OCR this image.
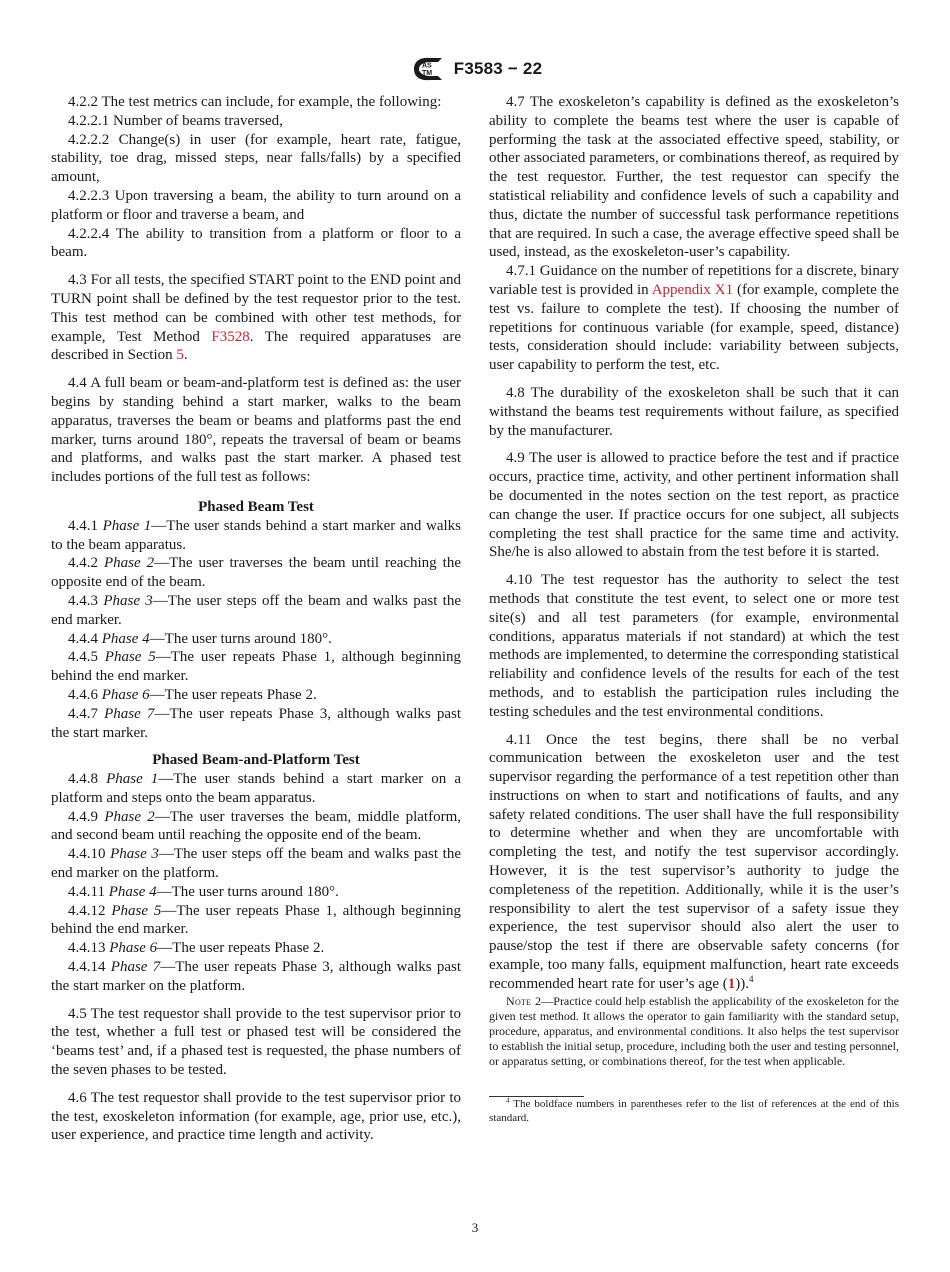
AS
TM F3583 − 22

4.2.2 The test metrics can include, for example, the following:

4.2.2.1 Number of beams traversed,

4.2.2.2 Change(s) in user (for example, heart rate, fatigue, stability, toe drag, missed steps, near falls/falls) by a specified amount,

4.2.2.3 Upon traversing a beam, the ability to turn around on a platform or floor and traverse a beam, and

4.2.2.4 The ability to transition from a platform or floor to a beam.

4.3 For all tests, the specified START point to the END point and TURN point shall be defined by the test requestor prior to the test. This test method can be combined with other test methods, for example, Test Method F3528. The required apparatuses are described in Section 5.

4.4 A full beam or beam-and-platform test is defined as: the user begins by standing behind a start marker, walks to the beam apparatus, traverses the beam or beams and platforms past the end marker, turns around 180°, repeats the traversal of beam or beams and platforms, and walks past the start marker. A phased test includes portions of the full test as follows:

Phased Beam Test

4.4.1 Phase 1—The user stands behind a start marker and walks to the beam apparatus.

4.4.2 Phase 2—The user traverses the beam until reaching the opposite end of the beam.

4.4.3 Phase 3—The user steps off the beam and walks past the end marker.

4.4.4 Phase 4—The user turns around 180°.

4.4.5 Phase 5—The user repeats Phase 1, although beginning behind the end marker.

4.4.6 Phase 6—The user repeats Phase 2.

4.4.7 Phase 7—The user repeats Phase 3, although walks past the start marker.

Phased Beam-and-Platform Test

4.4.8 Phase 1—The user stands behind a start marker on a platform and steps onto the beam apparatus.

4.4.9 Phase 2—The user traverses the beam, middle platform, and second beam until reaching the opposite end of the beam.

4.4.10 Phase 3—The user steps off the beam and walks past the end marker on the platform.

4.4.11 Phase 4—The user turns around 180°.

4.4.12 Phase 5—The user repeats Phase 1, although beginning behind the end marker.

4.4.13 Phase 6—The user repeats Phase 2.

4.4.14 Phase 7—The user repeats Phase 3, although walks past the start marker on the platform.

4.5 The test requestor shall provide to the test supervisor prior to the test, whether a full test or phased test will be considered the ‘beams test’ and, if a phased test is requested, the phase numbers of the seven phases to be tested.

4.6 The test requestor shall provide to the test supervisor prior to the test, exoskeleton information (for example, age, prior use, etc.), user experience, and practice time length and activity.

4.7 The exoskeleton’s capability is defined as the exoskeleton’s ability to complete the beams test where the user is capable of performing the task at the associated effective speed, stability, or other associated parameters, or combinations thereof, as required by the test requestor. Further, the test requestor can specify the statistical reliability and confidence levels of such a capability and thus, dictate the number of successful task performance repetitions that are required. In such a case, the average effective speed shall be used, instead, as the exoskeleton-user’s capability.

4.7.1 Guidance on the number of repetitions for a discrete, binary variable test is provided in Appendix X1 (for example, complete the test vs. failure to complete the test). If choosing the number of repetitions for continuous variable (for example, speed, distance) tests, consideration should include: variability between subjects, user capability to perform the test, etc.

4.8 The durability of the exoskeleton shall be such that it can withstand the beams test requirements without failure, as specified by the manufacturer.

4.9 The user is allowed to practice before the test and if practice occurs, practice time, activity, and other pertinent information shall be documented in the notes section on the test report, as practice can change the user. If practice occurs for one subject, all subjects completing the test shall practice for the same time and activity. She/he is also allowed to abstain from the test before it is started.

4.10 The test requestor has the authority to select the test methods that constitute the test event, to select one or more test site(s) and all test parameters (for example, environmental conditions, apparatus materials if not standard) at which the test methods are implemented, to determine the corresponding statistical reliability and confidence levels of the results for each of the test methods, and to establish the participation rules including the testing schedules and the test environmental conditions.

4.11 Once the test begins, there shall be no verbal communication between the exoskeleton user and the test supervisor regarding the performance of a test repetition other than instructions on when to start and notifications of faults, and any safety related conditions. The user shall have the full responsibility to determine whether and when they are uncomfortable with completing the test, and notify the test supervisor accordingly. However, it is the test supervisor’s authority to judge the completeness of the repetition. Additionally, while it is the user’s responsibility to alert the test supervisor of a safety issue they experience, the test supervisor should also alert the user to pause/stop the test if there are observable safety concerns (for example, too many falls, equipment malfunction, heart rate exceeds recommended heart rate for user’s age (1)).$^4$

Note 2—Practice could help establish the applicability of the exoskeleton for the given test method. It allows the operator to gain familiarity with the standard setup, procedure, apparatus, and environmental conditions. It also helps the test supervisor to establish the initial setup, procedure, including both the user and testing personnel, or apparatus setting, or combinations thereof, for the test when applicable.

$^4$ The boldface numbers in parentheses refer to the list of references at the end of this standard.

3
